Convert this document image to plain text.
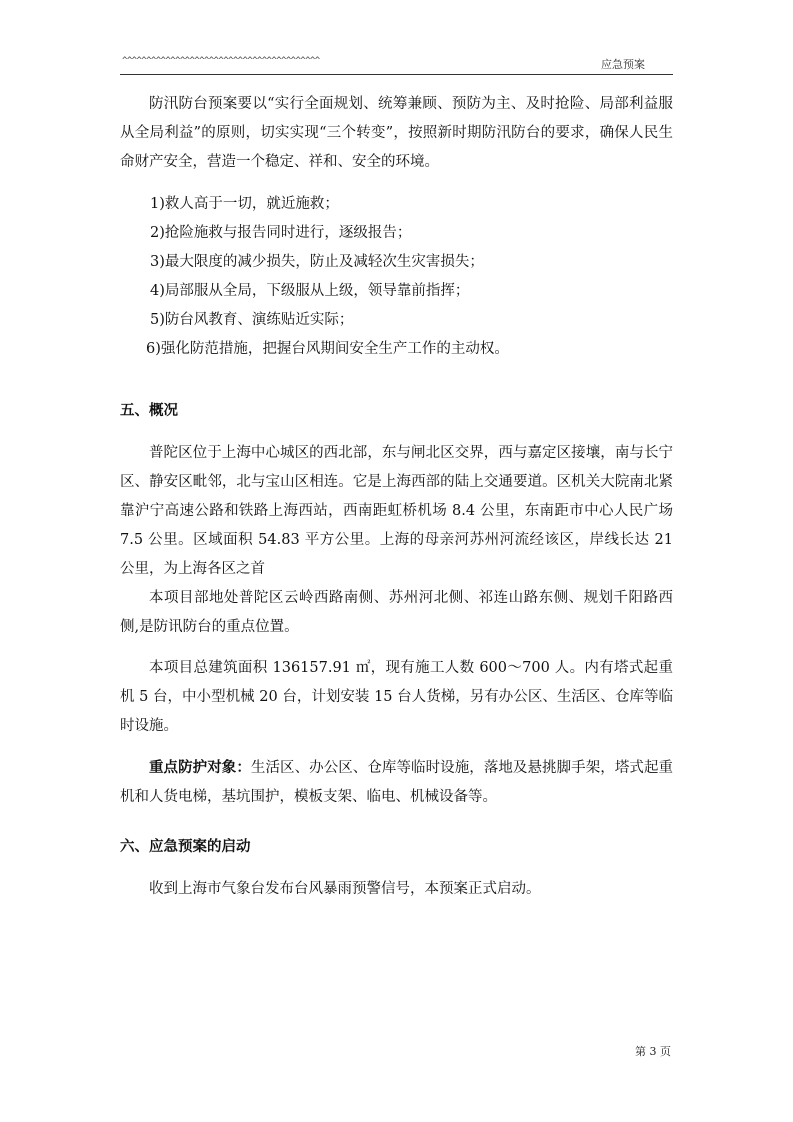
^^^^^^^^^^^^^^^^^^^^^^^^^^^^^^^^^^^^^^^^^	应急预案

防汛防台预案要以“实行全面规划、统筹兼顾、预防为主、及时抢险、局部利益服从全局利益”的原则，切实实现“三个转变”，按照新时期防汛防台的要求，确保人民生命财产安全，营造一个稳定、祥和、安全的环境。

1)救人高于一切，就近施救；

2)抢险施救与报告同时进行，逐级报告；

3)最大限度的减少损失，防止及减轻次生灾害损失；

4)局部服从全局，下级服从上级，领导靠前指挥；

5)防台风教育、演练贴近实际；

6)强化防范措施，把握台风期间安全生产工作的主动权。

五、概况

普陀区位于上海中心城区的西北部，东与闸北区交界，西与嘉定区接壤，南与长宁区、静安区毗邻，北与宝山区相连。它是上海西部的陆上交通要道。区机关大院南北紧靠沪宁高速公路和铁路上海西站，西南距虹桥机场 8.4 公里，东南距市中心人民广场 7.5 公里。区域面积 54.83 平方公里。上海的母亲河苏州河流经该区，岸线长达 21 公里，为上海各区之首

本项目部地处普陀区云岭西路南侧、苏州河北侧、祁连山路东侧、规划千阳路西侧,是防讯防台的重点位置。

本项目总建筑面积 136157.91 ㎡，现有施工人数 600～700 人。内有塔式起重机 5 台，中小型机械 20 台，计划安装 15 台人货梯，另有办公区、生活区、仓库等临时设施。

重点防护对象：生活区、办公区、仓库等临时设施，落地及悬挑脚手架，塔式起重机和人货电梯，基坑围护，模板支架、临电、机械设备等。

六、应急预案的启动

收到上海市气象台发布台风暴雨预警信号，本预案正式启动。

第 3 页
